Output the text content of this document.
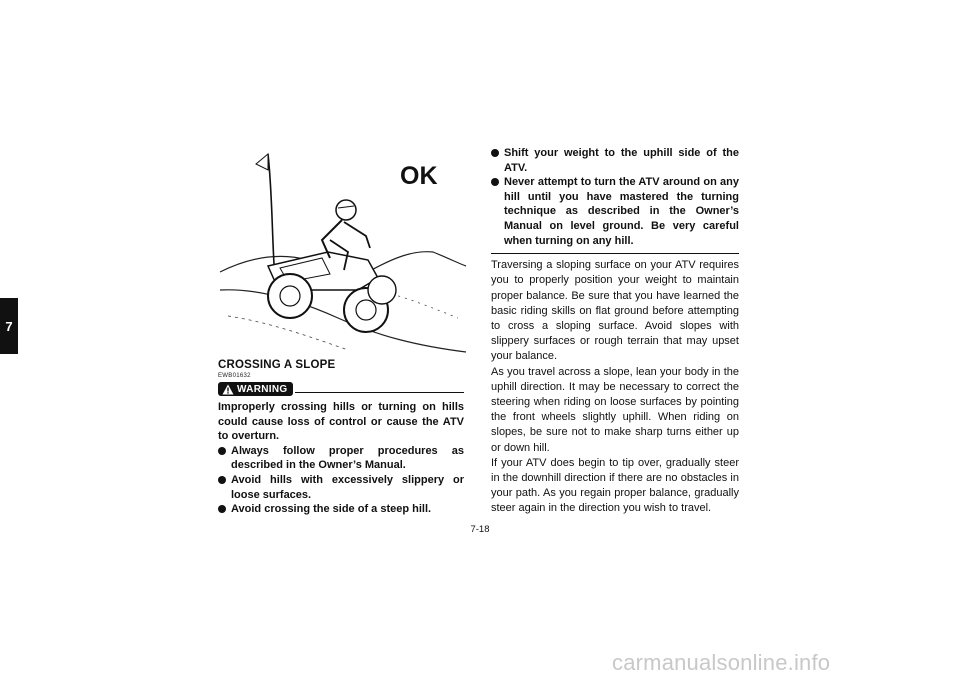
7
OK
CROSSING A SLOPE
EWB01632
WARNING

Improperly crossing hills or turning on hills could cause loss of control or cause the ATV to overturn.

Always follow proper procedures as described in the Owner’s Manual.
Avoid hills with excessively slippery or loose surfaces.
Avoid crossing the side of a steep hill.
Shift your weight to the uphill side of the ATV.
Never attempt to turn the ATV around on any hill until you have mastered the turning technique as described in the Owner’s Manual on level ground. Be very careful when turning on any hill.

Traversing a sloping surface on your ATV requires you to properly position your weight to maintain proper balance. Be sure that you have learned the basic riding skills on flat ground before attempting to cross a sloping surface. Avoid slopes with slippery surfaces or rough terrain that may upset your balance.

As you travel across a slope, lean your body in the uphill direction. It may be necessary to correct the steering when riding on loose surfaces by pointing the front wheels slightly uphill. When riding on slopes, be sure not to make sharp turns either up or down hill.

If your ATV does begin to tip over, gradually steer in the downhill direction if there are no obstacles in your path. As you regain proper balance, gradually steer again in the direction you wish to travel.

7-18
carmanualsonline.info
